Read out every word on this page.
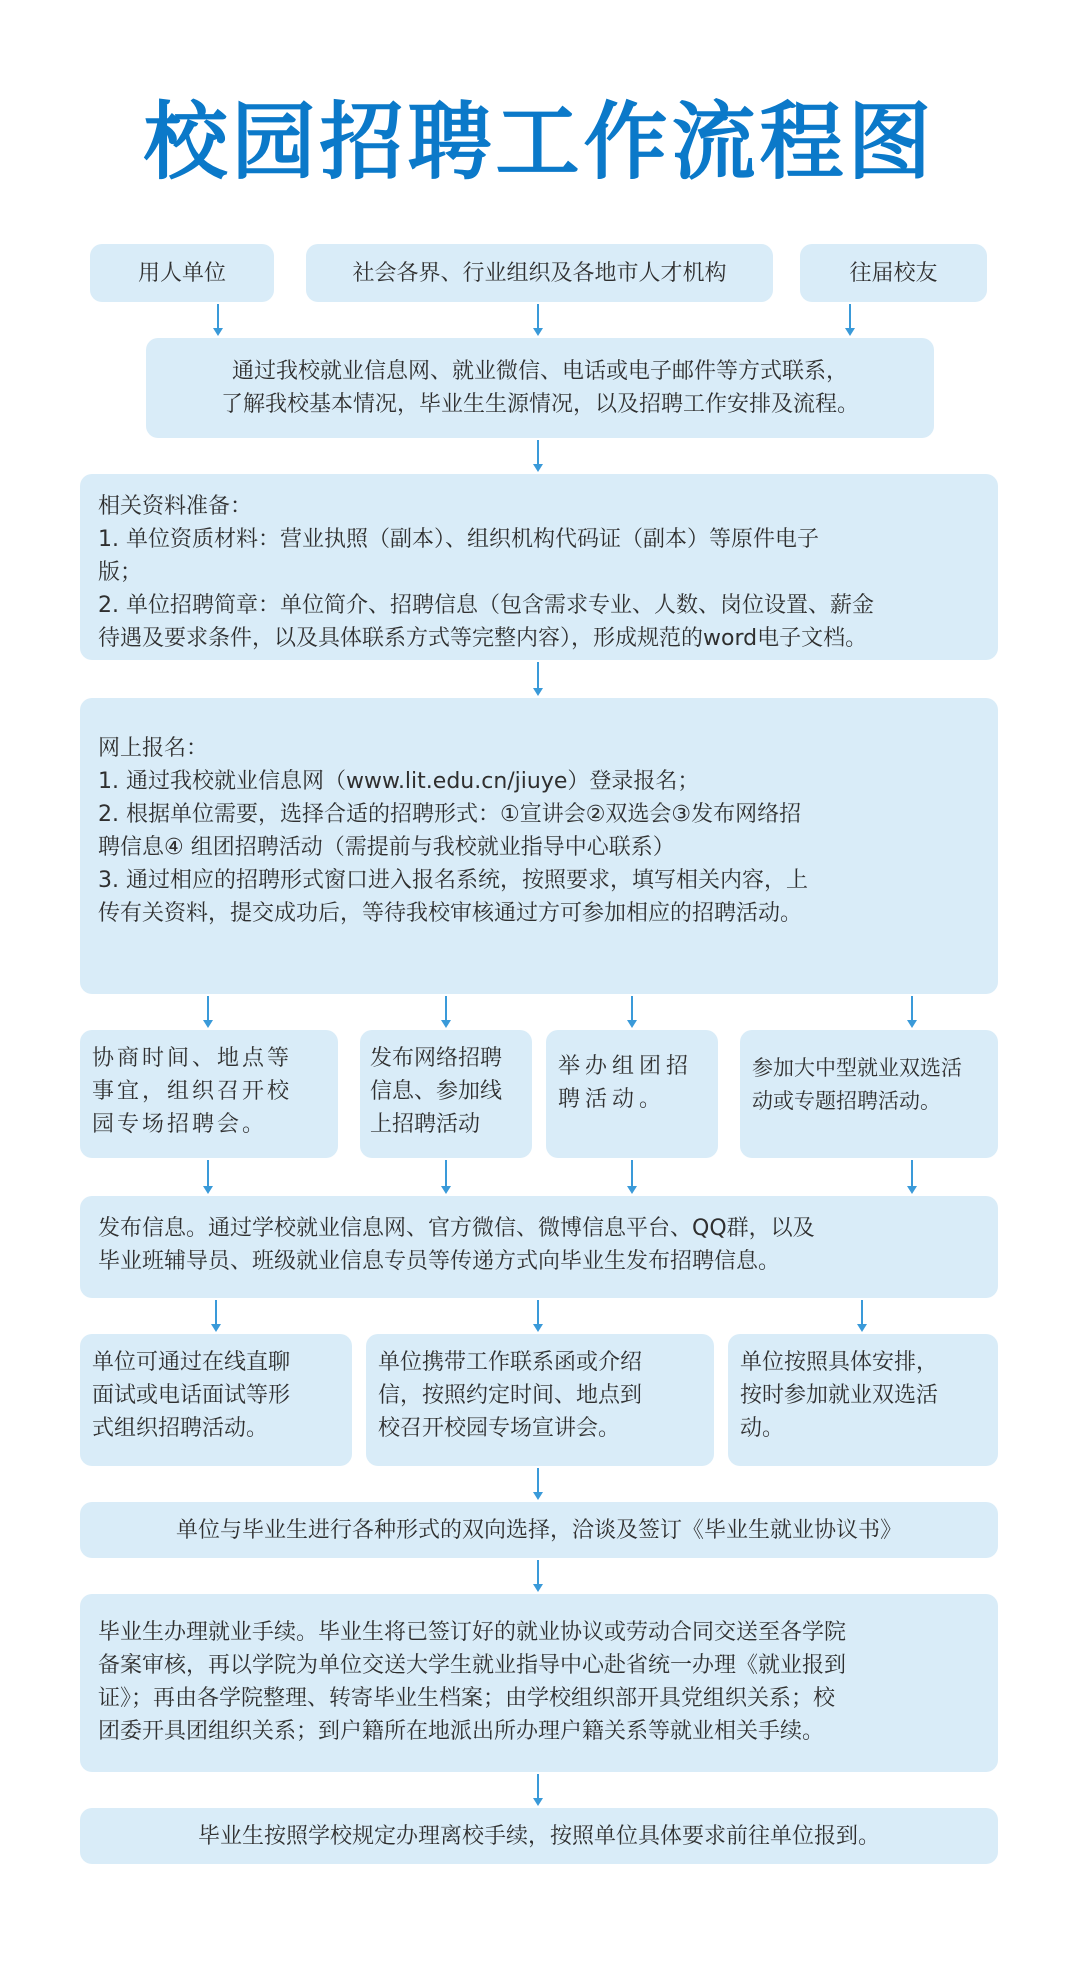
校园招聘工作流程图
用人单位	社会各界、行业组织及各地市人才机构	往届校友
通过我校就业信息网、就业微信、电话或电子邮件等方式联系，
了解我校基本情况，毕业生生源情况，以及招聘工作安排及流程。
相关资料准备：
1. 单位资质材料：营业执照（副本）、组织机构代码证（副本）等原件电子
版；
2. 单位招聘简章：单位简介、招聘信息（包含需求专业、人数、岗位设置、薪金
待遇及要求条件，以及具体联系方式等完整内容），形成规范的word电子文档。
网上报名：
1. 通过我校就业信息网（www.lit.edu.cn/jiuye）登录报名；
2. 根据单位需要，选择合适的招聘形式：①宣讲会②双选会③发布网络招
聘信息④ 组团招聘活动（需提前与我校就业指导中心联系）
3. 通过相应的招聘形式窗口进入报名系统，按照要求，填写相关内容，上
传有关资料，提交成功后，等待我校审核通过方可参加相应的招聘活动。
协商时间、地点等
事宜，组织召开校
园专场招聘会。
发布网络招聘
信息、参加线
上招聘活动
举办组团招
聘活动。
参加大中型就业双选活
动或专题招聘活动。
发布信息。通过学校就业信息网、官方微信、微博信息平台、QQ群，以及
毕业班辅导员、班级就业信息专员等传递方式向毕业生发布招聘信息。
单位可通过在线直聊
面试或电话面试等形
式组织招聘活动。
单位携带工作联系函或介绍
信，按照约定时间、地点到
校召开校园专场宣讲会。
单位按照具体安排，
按时参加就业双选活
动。
单位与毕业生进行各种形式的双向选择，洽谈及签订《毕业生就业协议书》
毕业生办理就业手续。毕业生将已签订好的就业协议或劳动合同交送至各学院
备案审核，再以学院为单位交送大学生就业指导中心赴省统一办理《就业报到
证》；再由各学院整理、转寄毕业生档案；由学校组织部开具党组织关系；校
团委开具团组织关系；到户籍所在地派出所办理户籍关系等就业相关手续。
毕业生按照学校规定办理离校手续，按照单位具体要求前往单位报到。
